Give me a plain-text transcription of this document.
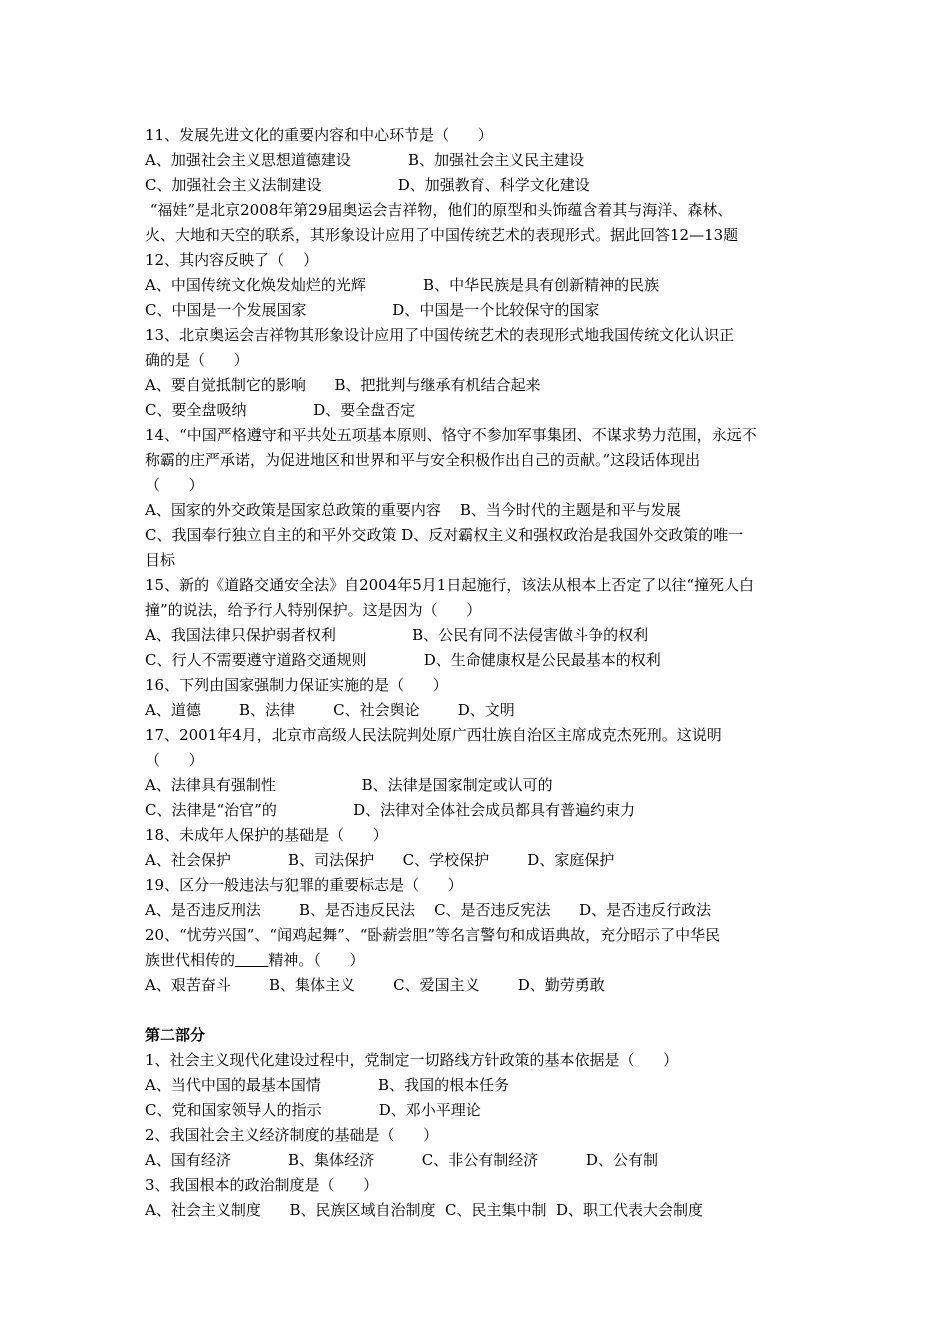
11、发展先进文化的重要内容和中心环节是（      ）
A、加强社会主义思想道德建设            B、加强社会主义民主建设
C、加强社会主义法制建设                D、加强教育、科学文化建设
“福娃”是北京2008年第29届奥运会吉祥物，他们的原型和头饰蕴含着其与海洋、森林、
火、大地和天空的联系，其形象设计应用了中国传统艺术的表现形式。据此回答12—13题
12、其内容反映了（    ）
A、中国传统文化焕发灿烂的光辉            B、中华民族是具有创新精神的民族
C、中国是一个发展国家                  D、中国是一个比较保守的国家
13、北京奥运会吉祥物其形象设计应用了中国传统艺术的表现形式地我国传统文化认识正
确的是（      ）
A、要自觉抵制它的影响      B、把批判与继承有机结合起来
C、要全盘吸纳              D、要全盘否定
14、“中国严格遵守和平共处五项基本原则、恪守不参加军事集团、不谋求势力范围，永远不
称霸的庄严承诺，为促进地区和世界和平与安全积极作出自己的贡献。”这段话体现出
（      ）
A、国家的外交政策是国家总政策的重要内容    B、当今时代的主题是和平与发展
C、我国奉行独立自主的和平外交政策 D、反对霸权主义和强权政治是我国外交政策的唯一
目标
15、新的《道路交通安全法》自2004年5月1日起施行，该法从根本上否定了以往“撞死人白
撞”的说法，给予行人特别保护。这是因为（      ）
A、我国法律只保护弱者权利                B、公民有同不法侵害做斗争的权利
C、行人不需要遵守道路交通规则            D、生命健康权是公民最基本的权利
16、下列由国家强制力保证实施的是（      ）
A、道德        B、法律        C、社会舆论        D、文明
17、2001年4月，北京市高级人民法院判处原广西壮族自治区主席成克杰死刑。这说明
（      ）
A、法律具有强制性                  B、法律是国家制定或认可的
C、法律是“治官”的                D、法律对全体社会成员都具有普遍约束力
18、未成年人保护的基础是（      ）
A、社会保护            B、司法保护      C、学校保护        D、家庭保护
19、区分一般违法与犯罪的重要标志是（      ）
A、是否违反刑法        B、是否违反民法    C、是否违反宪法      D、是否违反行政法
20、“忧劳兴国”、“闻鸡起舞”、“卧薪尝胆”等名言警句和成语典故，充分昭示了中华民
族世代相传的 精神。（      ）
A、艰苦奋斗        B、集体主义        C、爱国主义        D、勤劳勇敢
第二部分
1、社会主义现代化建设过程中，党制定一切路线方针政策的基本依据是（      ）
A、当代中国的最基本国情            B、我国的根本任务
C、党和国家领导人的指示            D、邓小平理论
2、我国社会主义经济制度的基础是（      ）
A、国有经济            B、集体经济          C、非公有制经济          D、公有制
3、我国根本的政治制度是（      ）
A、社会主义制度      B、民族区域自治制度  C、民主集中制  D、职工代表大会制度
